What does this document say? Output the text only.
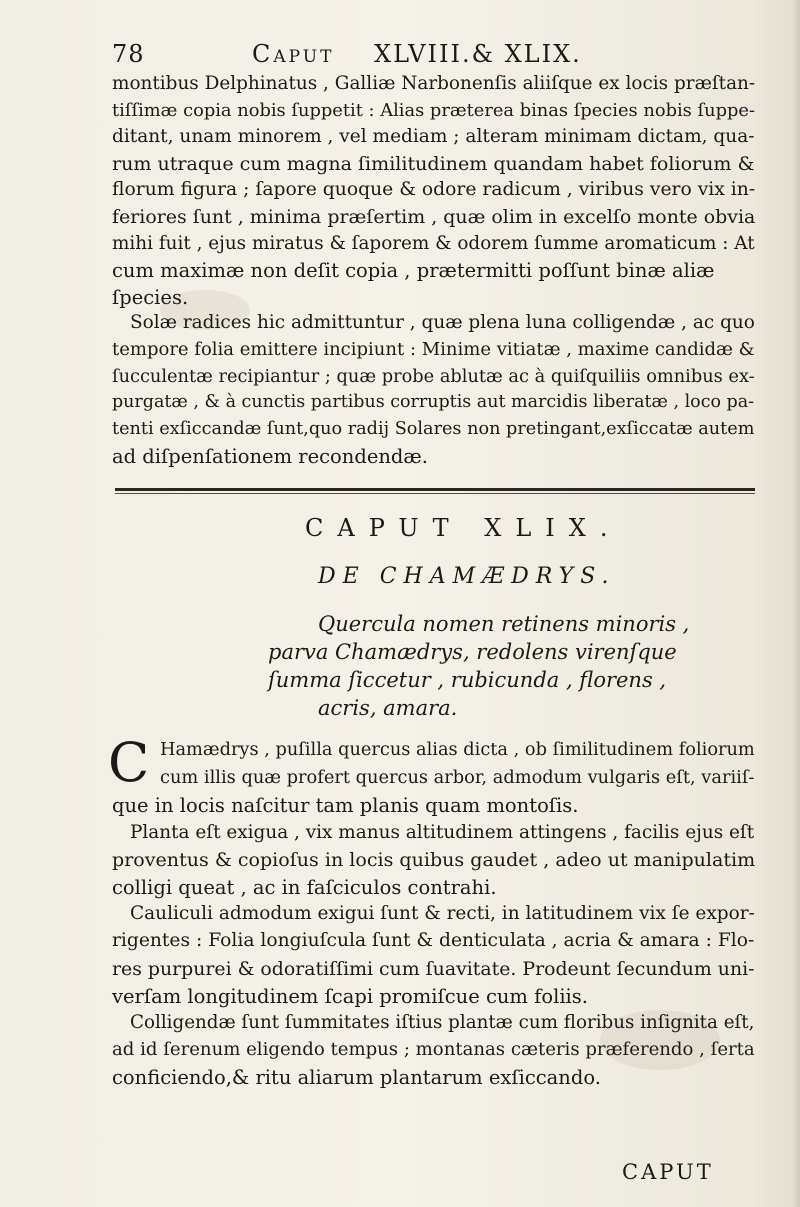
78	Caput XLVIII.& XLIX.
montibus Delphinatus , Galliæ Narbonenſis aliiſque ex locis præſtan-
tiſſimæ copia nobis ſuppetit : Alias præterea binas ſpecies nobis ſuppe-
ditant, unam minorem , vel mediam ; alteram minimam dictam, qua-
rum utraque cum magna ſimilitudinem quandam habet foliorum &
florum figura ; ſapore quoque & odore radicum , viribus vero vix in-
feriores ſunt , minima præſertim , quæ olim in excelſo monte obvia
mihi fuit , ejus miratus & ſaporem & odorem ſumme aromaticum : At
cum maximæ non deſit copia , prætermitti poſſunt binæ aliæ
ſpecies.
Solæ radices hic admittuntur , quæ plena luna colligendæ , ac quo
tempore folia emittere incipiunt : Minime vitiatæ , maxime candidæ &
ſucculentæ recipiantur ; quæ probe ablutæ ac à quiſquiliis omnibus ex-
purgatæ , & à cunctis partibus corruptis aut marcidis liberatæ , loco pa-
tenti exſiccandæ ſunt,quo radij Solares non pretingant,exſiccatæ autem
ad diſpenſationem recondendæ.
CAPUT XLIX.
DE CHAMÆDRYS.
Quercula nomen retinens minoris ,
parva Chamædrys, redolens virenſque
ſumma ſiccetur , rubicunda , florens ,
acris, amara.
C Hamædrys , puſilla quercus alias dicta , ob ſimilitudinem foliorum
cum illis quæ profert quercus arbor, admodum vulgaris eſt, variiſ-
que in locis naſcitur tam planis quam montoſis.
Planta eſt exigua , vix manus altitudinem attingens , facilis ejus eſt
proventus & copioſus in locis quibus gaudet , adeo ut manipulatim
colligi queat , ac in faſciculos contrahi.
Cauliculi admodum exigui ſunt & recti, in latitudinem vix ſe expor-
rigentes : Folia longiuſcula ſunt & denticulata , acria & amara : Flo-
res purpurei & odoratiſſimi cum ſuavitate. Prodeunt ſecundum uni-
verſam longitudinem ſcapi promiſcue cum foliis.
Colligendæ ſunt ſummitates iſtius plantæ cum floribus inſignita eſt,
ad id ſerenum eligendo tempus ; montanas cæteris præferendo , ſerta
conficiendo,& ritu aliarum plantarum exſiccando.
CAPUT
